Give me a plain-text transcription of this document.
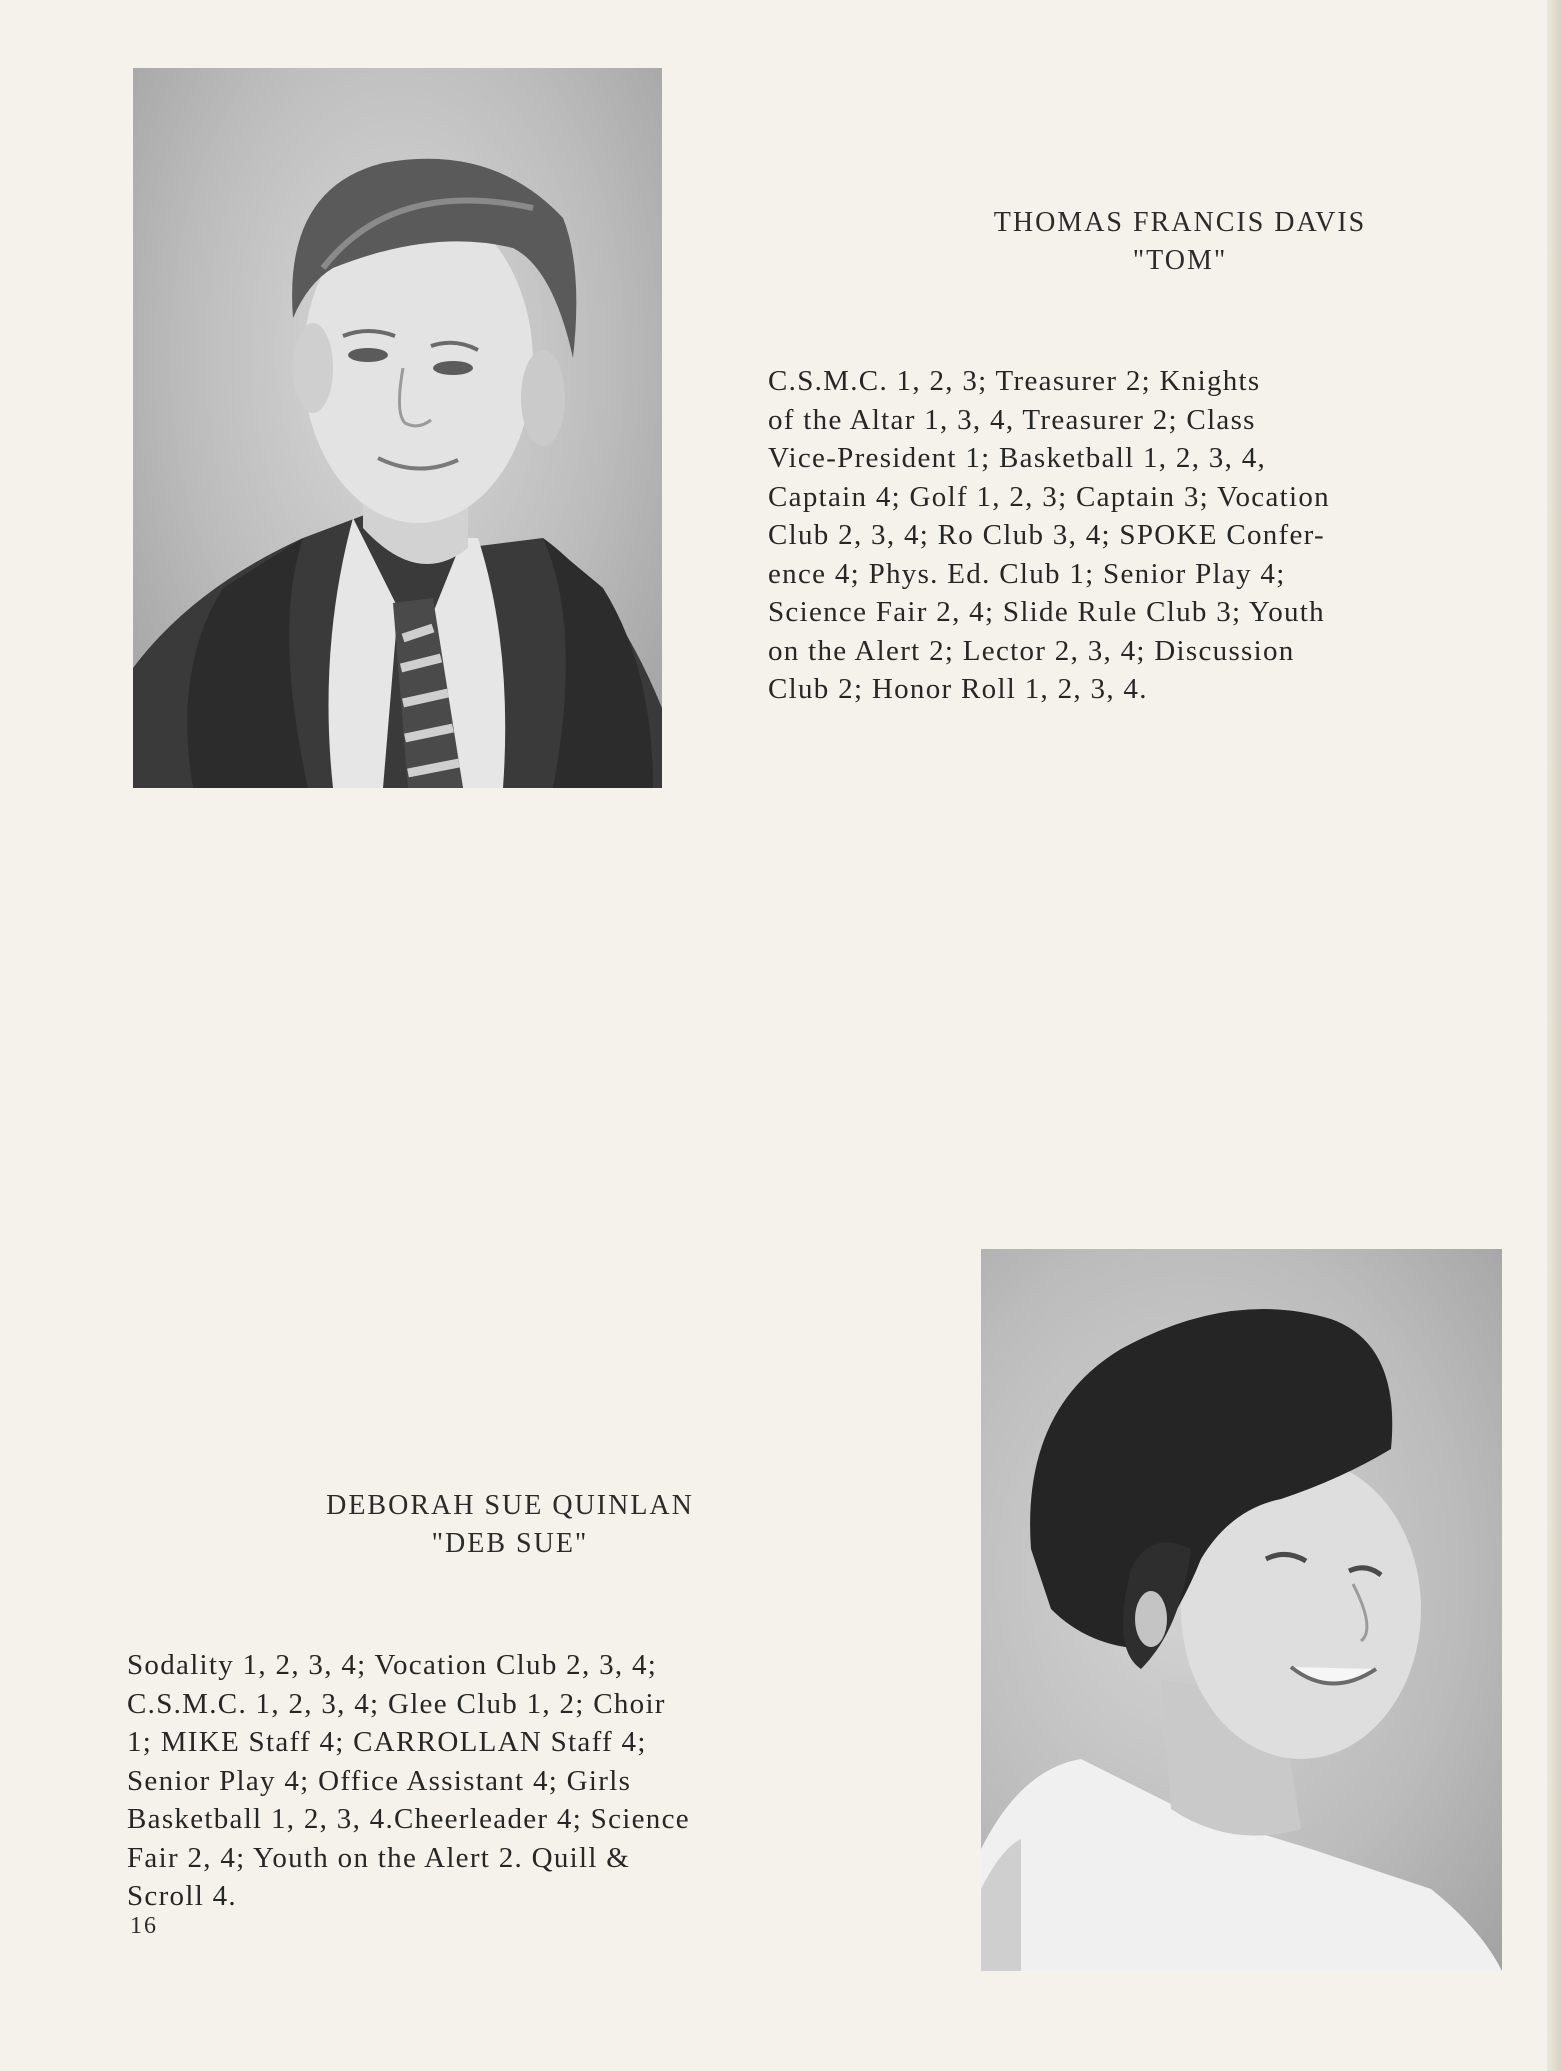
THOMAS FRANCIS DAVIS
"TOM"
C.S.M.C. 1, 2, 3; Treasurer 2; Knights
of the Altar 1, 3, 4, Treasurer 2; Class
Vice-President 1; Basketball 1, 2, 3, 4,
Captain 4; Golf 1, 2, 3; Captain 3; Vocation
Club 2, 3, 4; Ro Club 3, 4; SPOKE Confer-
ence 4; Phys. Ed. Club 1; Senior Play 4;
Science Fair 2, 4; Slide Rule Club 3; Youth
on the Alert 2; Lector 2, 3, 4; Discussion
Club 2; Honor Roll 1, 2, 3, 4.
DEBORAH SUE QUINLAN
"DEB SUE"
Sodality 1, 2, 3, 4; Vocation Club 2, 3, 4;
C.S.M.C. 1, 2, 3, 4; Glee Club 1, 2; Choir
1; MIKE Staff 4; CARROLLAN Staff 4;
Senior Play 4; Office Assistant 4; Girls
Basketball 1, 2, 3, 4.Cheerleader 4; Science
Fair 2, 4; Youth on the Alert 2. Quill &
Scroll 4.
16
